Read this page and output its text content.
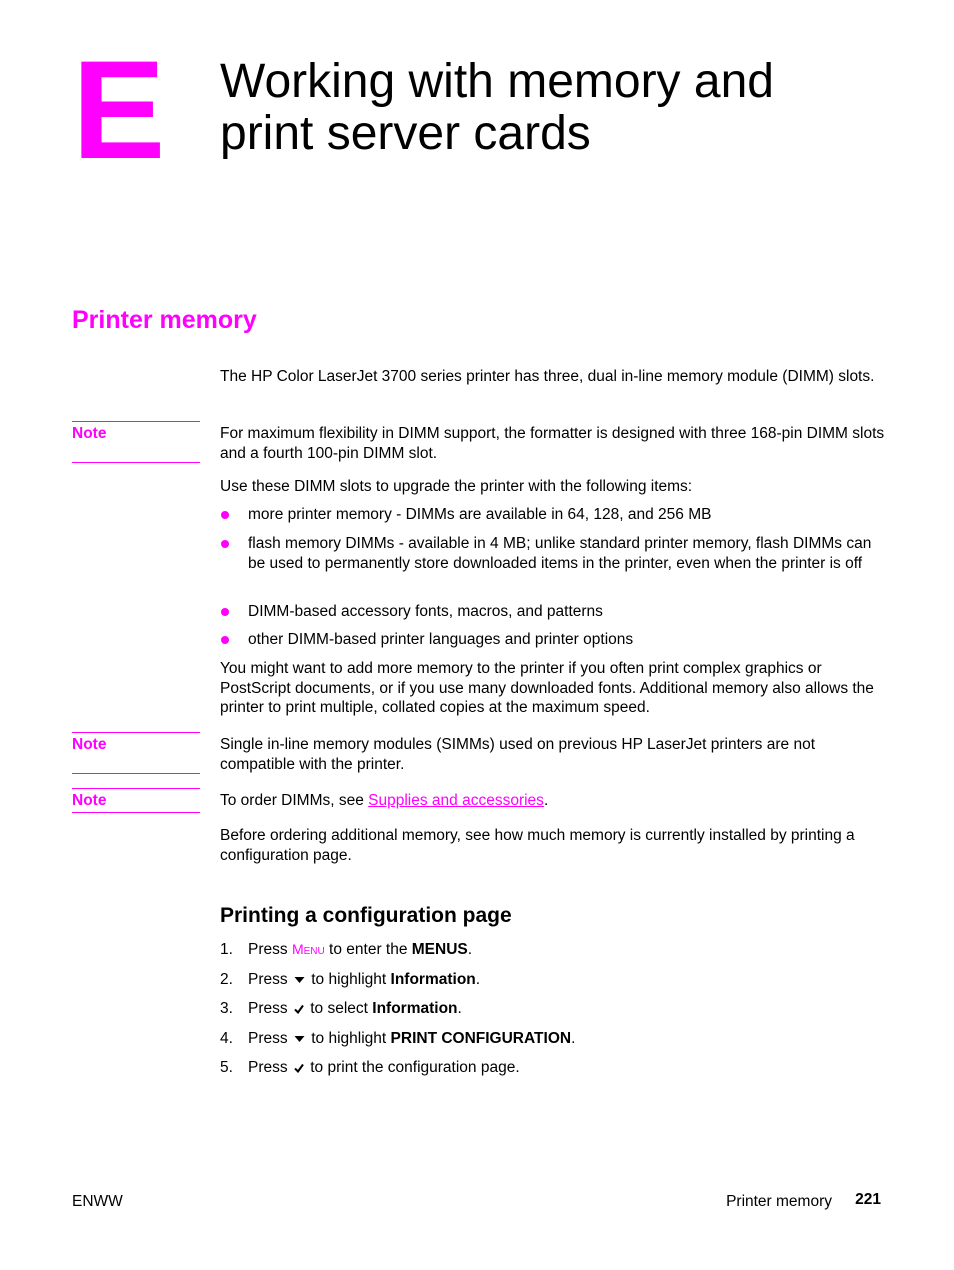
E Working with memory and
print server cards
Printer memory
The HP Color LaserJet 3700 series printer has three, dual in-line memory module (DIMM) slots.
Note	For maximum flexibility in DIMM support, the formatter is designed with three 168-pin DIMM slots and a fourth 100-pin DIMM slot.
Use these DIMM slots to upgrade the printer with the following items:
more printer memory - DIMMs are available in 64, 128, and 256 MB
flash memory DIMMs - available in 4 MB; unlike standard printer memory, flash DIMMs can be used to permanently store downloaded items in the printer, even when the printer is off
DIMM-based accessory fonts, macros, and patterns
other DIMM-based printer languages and printer options
You might want to add more memory to the printer if you often print complex graphics or PostScript documents, or if you use many downloaded fonts. Additional memory also allows the printer to print multiple, collated copies at the maximum speed.
Note	Single in-line memory modules (SIMMs) used on previous HP LaserJet printers are not compatible with the printer.
Note	To order DIMMs, see Supplies and accessories.
Before ordering additional memory, see how much memory is currently installed by printing a configuration page.
Printing a configuration page
1. Press MENU to enter the MENUS.
2. Press  to highlight Information.
3. Press  to select Information.
4. Press  to highlight PRINT CONFIGURATION.
5. Press  to print the configuration page.
ENWW	Printer memory 221
